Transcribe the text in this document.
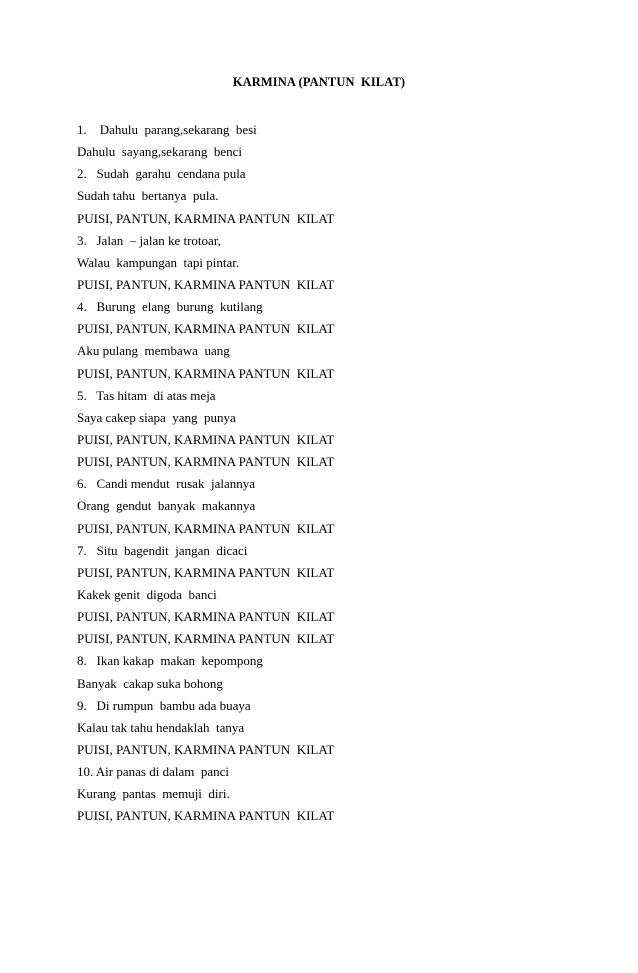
KARMINA (PANTUN  KILAT)
1.    Dahulu  parang,sekarang  besi
Dahulu  sayang,sekarang  benci
2.   Sudah  garahu  cendana pula
Sudah tahu  bertanya  pula.
PUISI, PANTUN, KARMINA PANTUN  KILAT
3.   Jalan  – jalan ke trotoar,
Walau  kampungan  tapi pintar.
PUISI, PANTUN, KARMINA PANTUN  KILAT
4.   Burung  elang  burung  kutilang
PUISI, PANTUN, KARMINA PANTUN  KILAT
Aku pulang  membawa  uang
PUISI, PANTUN, KARMINA PANTUN  KILAT
5.   Tas hitam  di atas meja
Saya cakep siapa  yang  punya
PUISI, PANTUN, KARMINA PANTUN  KILAT
PUISI, PANTUN, KARMINA PANTUN  KILAT
6.   Candi mendut  rusak  jalannya
Orang  gendut  banyak  makannya
PUISI, PANTUN, KARMINA PANTUN  KILAT
7.   Situ  bagendit  jangan  dicaci
PUISI, PANTUN, KARMINA PANTUN  KILAT
Kakek genit  digoda  banci
PUISI, PANTUN, KARMINA PANTUN  KILAT
PUISI, PANTUN, KARMINA PANTUN  KILAT
8.   Ikan kakap  makan  kepompong
Banyak  cakap suka bohong
9.   Di rumpun  bambu ada buaya
Kalau tak tahu hendaklah  tanya
PUISI, PANTUN, KARMINA PANTUN  KILAT
10. Air panas di dalam  panci
Kurang  pantas  memuji  diri.
PUISI, PANTUN, KARMINA PANTUN  KILAT
